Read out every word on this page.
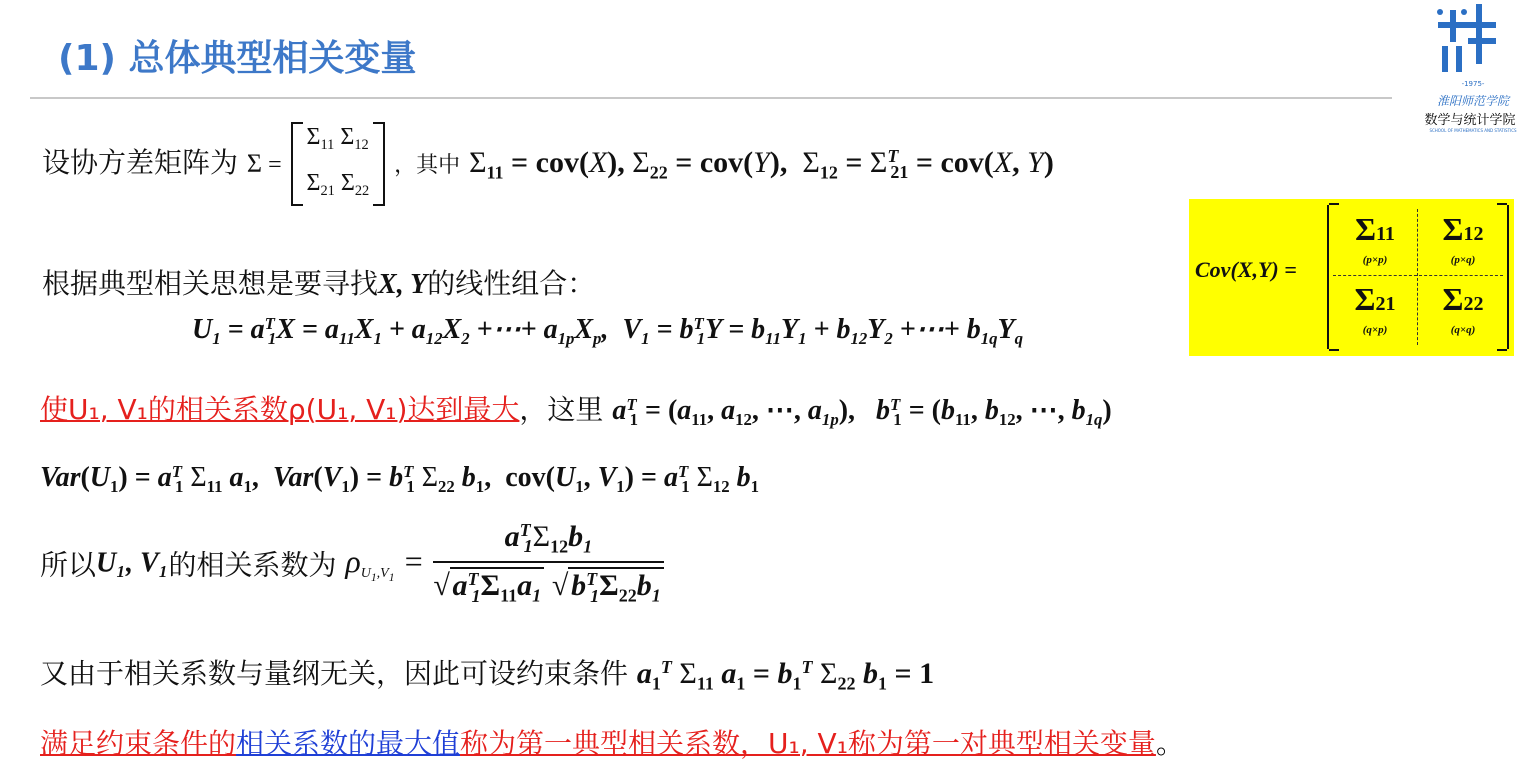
(1) 总体典型相关变量
-1975-
淮阳师范学院
数学与统计学院
SCHOOL OF MATHEMATICS AND STATISTICS
设协方差矩阵为 $\Sigma = \Sigma_{11}$ $\Sigma_{12}$
$\Sigma_{21}$ $\Sigma_{22}$ ，其中 $\Sigma_{11} = cov(X)$, $\Sigma_{22} = cov(Y)$,  $\Sigma_{12} = \Sigma^T_{21} = cov(X$, Y)
根据典型相关思想是要寻找X, Y的线性组合：
$U_1 = a^T_1X = a_{11}X_1 + a_{12}X_2$ +⋯+ $a_{1p}X_p$,  $V_1 = b^T_1Y = b_{11}Y_1 + b_{12}Y_2$ +⋯+ $b_{1q}Y_q$
Cov(X,Y) =
Σ11
(p×p)
Σ12
(p×q)
Σ21
(q×p)
Σ22
(q×q)
使U₁, V₁的相关系数ρ(U₁, V₁)达到最大，这里 $a^T_1 = (a_{11}$, $a_{12}$, ⋯, $a_{1p}$),   $b^T_1 = (b_{11}$, $b_{12}$, ⋯, $b_{1q}$)
$Var(U_1) = a^T_1$ $\Sigma_{11}$ $a_1$,  $Var(V_1) = b^T_1$ $\Sigma_{22}$ $b_1$,  $cov(U_1$, $V_1) = a^T_1$ $\Sigma_{12}$ $b_1$
所以U₁, V₁的相关系数为 $\rho_{U_1,V_1} = \frac{a^T_1\Sigma_{12}b_1}{√ a^T_1\Sigma_{11}a_1 √ b^T_1\Sigma_{22}b_1}$
又由于相关系数与量纲无关，因此可设约束条件 $a_1^T$ $\Sigma_{11}$ $a_1 = b_1^T$ $\Sigma_{22}$ $b_1 = 1$
满足约束条件的相关系数的最大值称为第一典型相关系数，U₁, V₁称为第一对典型相关变量。
